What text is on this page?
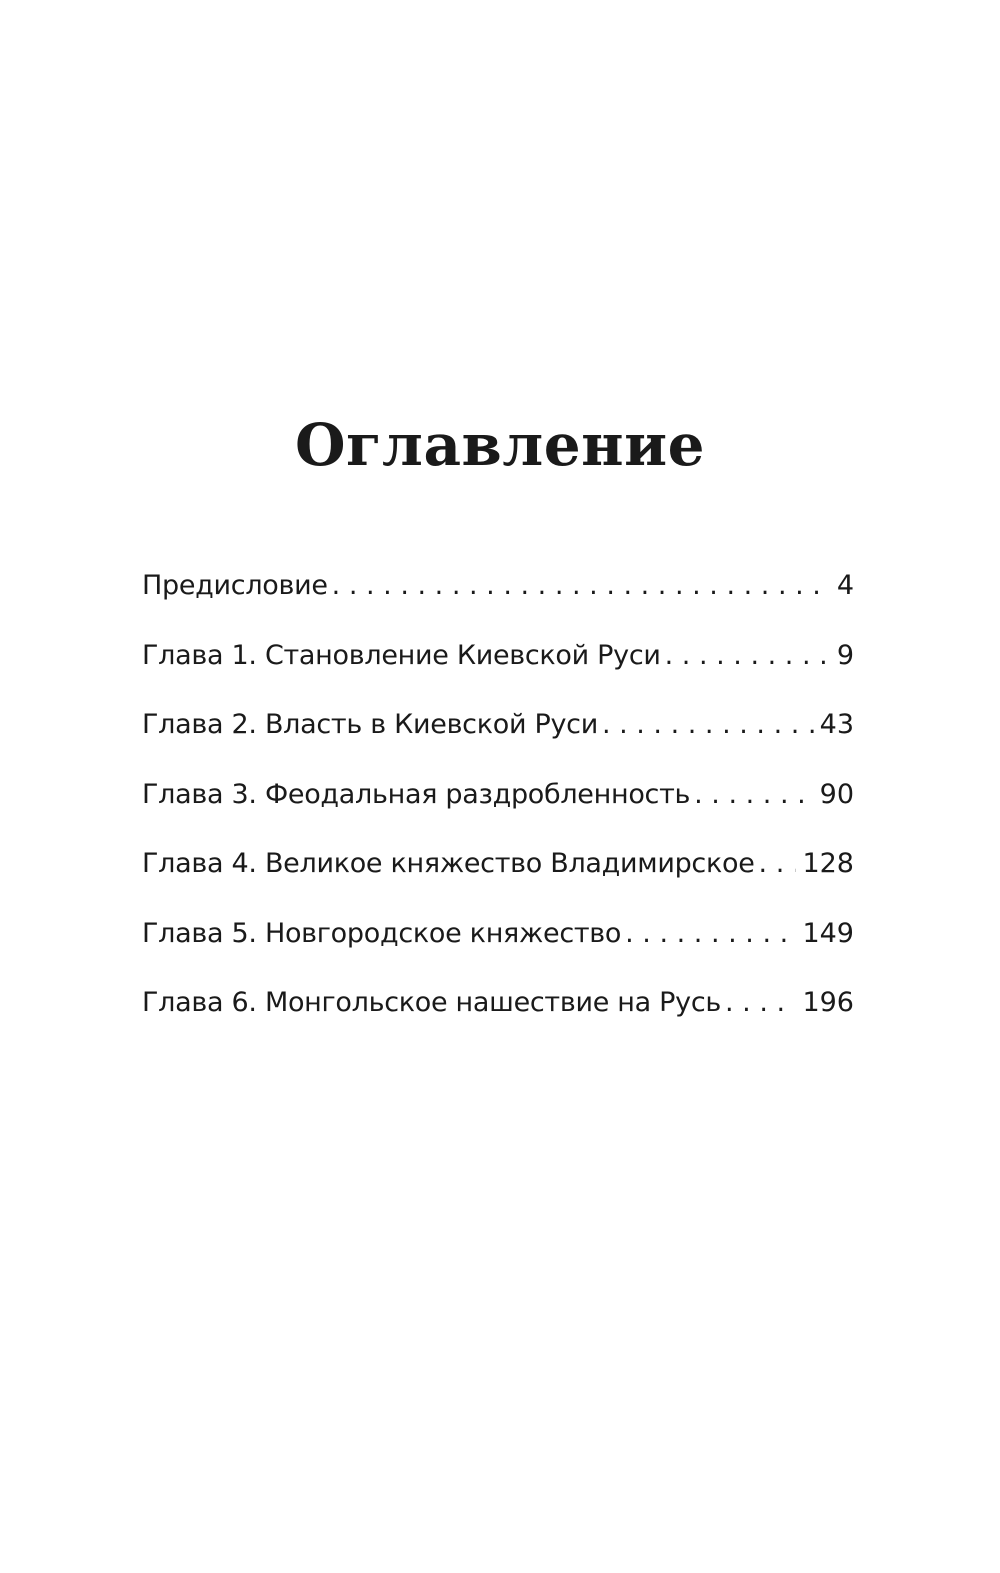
Оглавление
Предисловие . . .	4
Глава 1. Становление Киевской Руси . . .	9
Глава 2. Власть в Киевской Руси . . .	43
Глава 3. Феодальная раздробленность . . .	90
Глава 4. Великое княжество Владимирское . . . 128
Глава 5. Новгородское княжество . . .	149
Глава 6. Монгольское нашествие на Русь . . .	196
